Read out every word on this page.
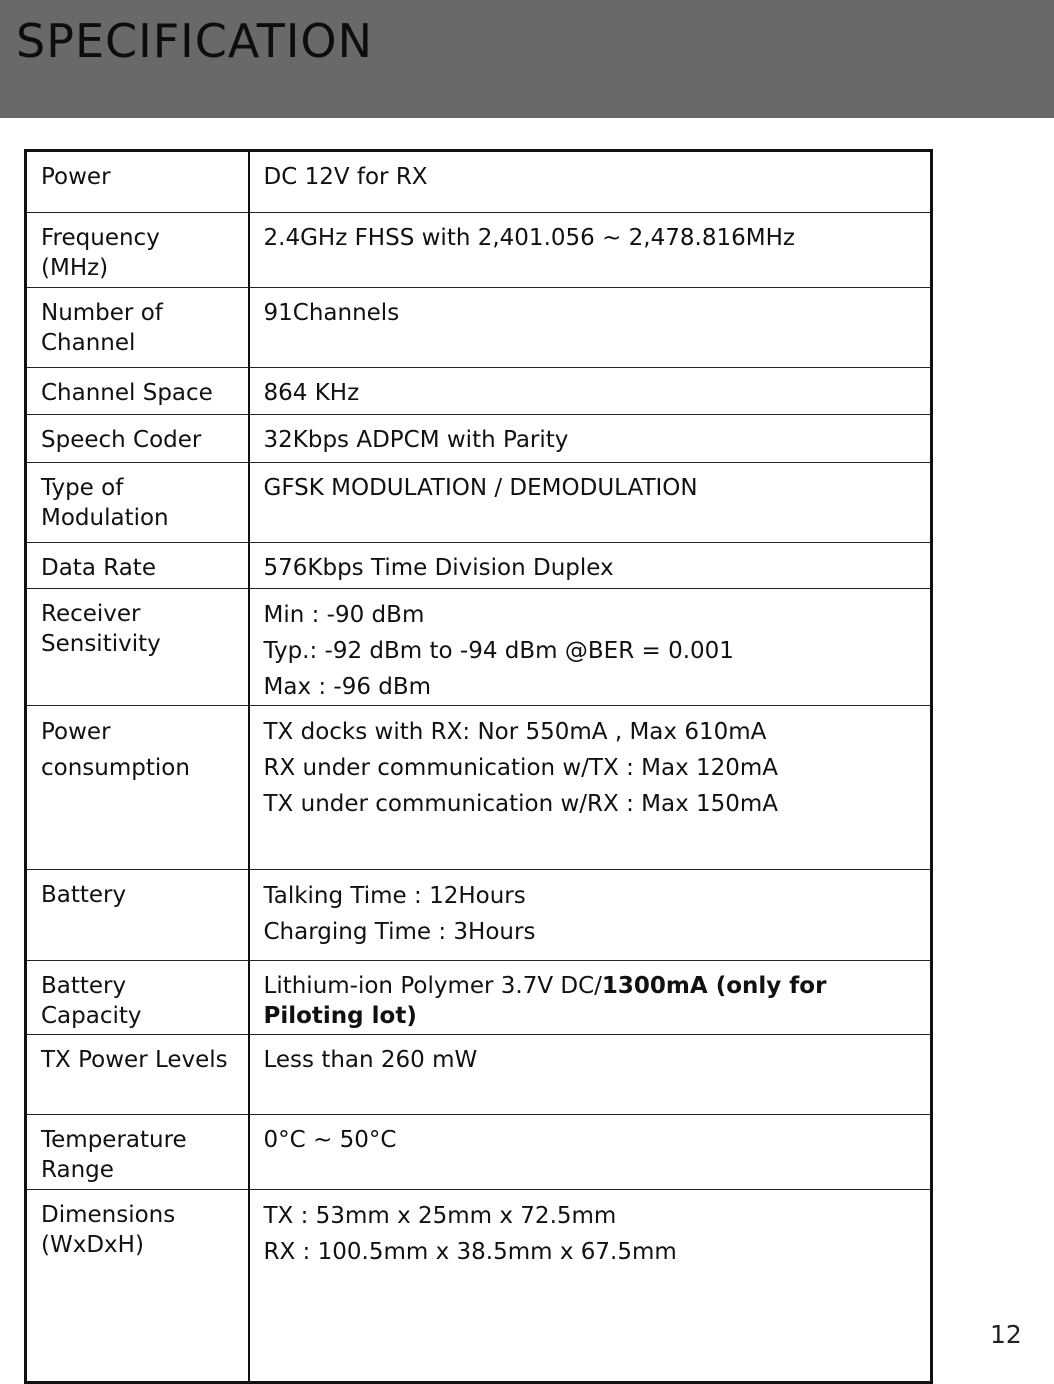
SPECIFICATION
Power	DC 12V for RX

Frequency (MHz)	2.4GHz FHSS with 2,401.056 ~ 2,478.816MHz

Number of Channel	91Channels

Channel Space	864 KHz

Speech Coder	32Kbps ADPCM with Parity

Type of Modulation	GFSK MODULATION / DEMODULATION

Data Rate	576Kbps Time Division Duplex

Receiver Sensitivity	Min : -90 dBm
Typ.: -92 dBm to -94 dBm @BER = 0.001
Max : -96 dBm

Power consumption	TX docks with RX: Nor 550mA , Max 610mA
RX under communication w/TX : Max 120mA
TX under communication w/RX : Max 150mA

Battery	Talking Time : 12Hours
Charging Time : 3Hours

Battery Capacity	Lithium-ion Polymer 3.7V DC/1300mA (only for Piloting lot)
TX Power Levels	Less than 260 mW

Temperature Range	0°C ~ 50°C

Dimensions (WxDxH)	TX : 53mm x 25mm x 72.5mm
RX : 100.5mm x 38.5mm x 67.5mm
12
